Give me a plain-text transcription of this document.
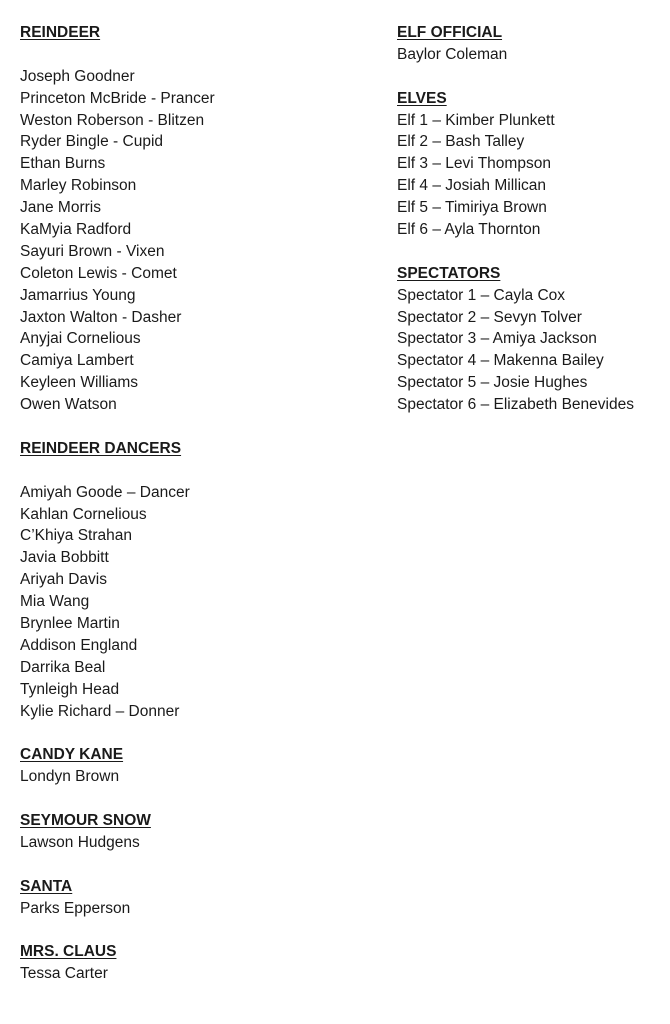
REINDEER
Joseph Goodner
Princeton McBride - Prancer
Weston Roberson - Blitzen
Ryder Bingle - Cupid
Ethan Burns
Marley Robinson
Jane Morris
KaMyia Radford
Sayuri Brown - Vixen
Coleton Lewis - Comet
Jamarrius Young
Jaxton Walton - Dasher
Anyjai Cornelious
Camiya Lambert
Keyleen Williams
Owen Watson
REINDEER DANCERS
Amiyah Goode – Dancer
Kahlan Cornelious
C’Khiya Strahan
Javia Bobbitt
Ariyah Davis
Mia Wang
Brynlee Martin
Addison England
Darrika Beal
Tynleigh Head
Kylie Richard – Donner
CANDY KANE
Londyn Brown
SEYMOUR SNOW
Lawson Hudgens
SANTA
Parks Epperson
MRS. CLAUS
Tessa Carter
ELF OFFICIAL
Baylor Coleman
ELVES
Elf 1 – Kimber Plunkett
Elf 2 – Bash Talley
Elf 3 – Levi Thompson
Elf 4 – Josiah Millican
Elf 5 – Timiriya Brown
Elf 6 – Ayla Thornton
SPECTATORS
Spectator 1 – Cayla Cox
Spectator 2 – Sevyn Tolver
Spectator 3 – Amiya Jackson
Spectator 4 – Makenna Bailey
Spectator 5 – Josie Hughes
Spectator 6 – Elizabeth Benevides
